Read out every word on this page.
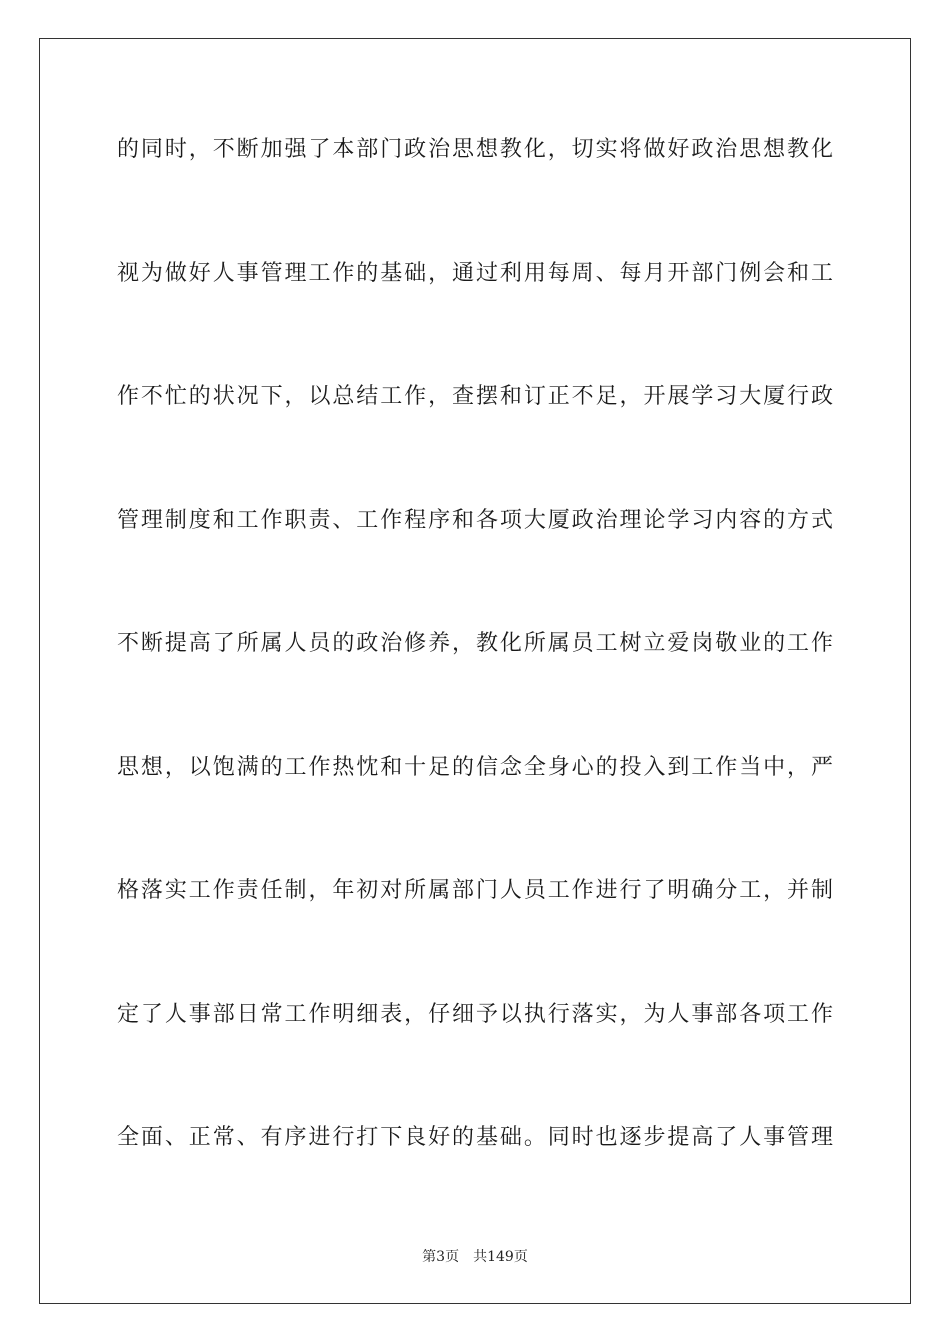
的同时，不断加强了本部门政治思想教化，切实将做好政治思想教化
视为做好人事管理工作的基础，通过利用每周、每月开部门例会和工
作不忙的状况下，以总结工作，查摆和订正不足，开展学习大厦行政
管理制度和工作职责、工作程序和各项大厦政治理论学习内容的方式
不断提高了所属人员的政治修养，教化所属员工树立爱岗敬业的工作
思想，以饱满的工作热忱和十足的信念全身心的投入到工作当中，严
格落实工作责任制，年初对所属部门人员工作进行了明确分工，并制
定了人事部日常工作明细表，仔细予以执行落实，为人事部各项工作
全面、正常、有序进行打下良好的基础。同时也逐步提高了人事管理
第3页 共149页
